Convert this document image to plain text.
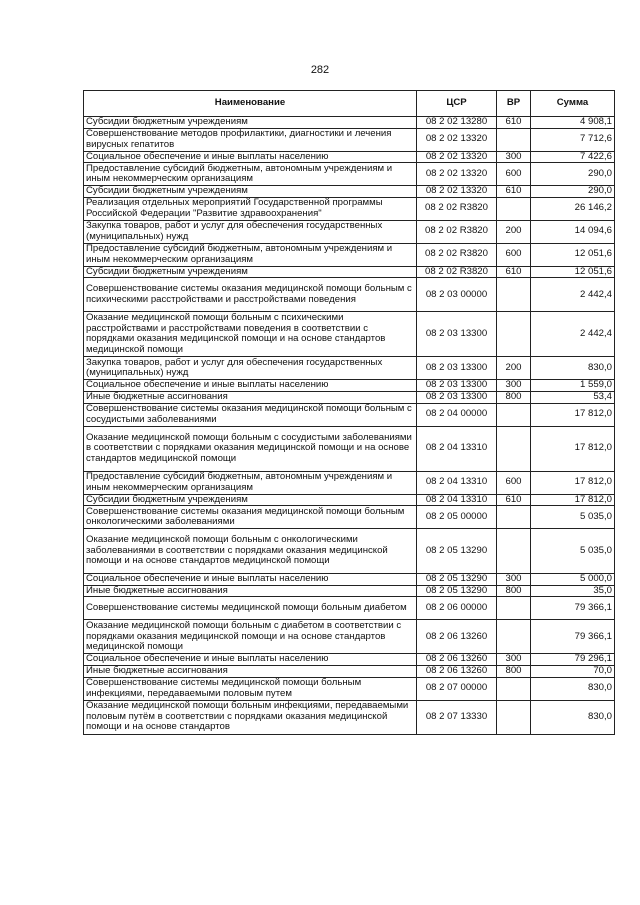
282
Наименование	ЦСР	ВР	Сумма
Субсидии бюджетным учреждениям	08 2 02 13280	610	4 908,1
Совершенствование методов профилактики, диагностики и лечения вирусных гепатитов	08 2 02 13320		7 712,6
Социальное обеспечение и иные выплаты населению	08 2 02 13320	300	7 422,6
Предоставление субсидий бюджетным, автономным учреждениям и иным некоммерческим организациям	08 2 02 13320	600	290,0
Субсидии бюджетным учреждениям	08 2 02 13320	610	290,0
Реализация отдельных мероприятий Государственной программы Российской Федерации "Развитие здравоохранения"	08 2 02 R3820		26 146,2
Закупка товаров, работ и услуг для обеспечения государственных (муниципальных) нужд	08 2 02 R3820	200	14 094,6
Предоставление субсидий бюджетным, автономным учреждениям и иным некоммерческим организациям	08 2 02 R3820	600	12 051,6
Субсидии бюджетным учреждениям	08 2 02 R3820	610	12 051,6
Совершенствование системы оказания медицинской помощи больным с психическими расстройствами и расстройствами поведения	08 2 03 00000		2 442,4
Оказание медицинской помощи больным с психическими расстройствами и расстройствами поведения в соответствии с порядками оказания медицинской помощи и на основе стандартов медицинской помощи	08 2 03 13300		2 442,4
Закупка товаров, работ и услуг для обеспечения государственных (муниципальных) нужд	08 2 03 13300	200	830,0
Социальное обеспечение и иные выплаты населению	08 2 03 13300	300	1 559,0
Иные бюджетные ассигнования	08 2 03 13300	800	53,4
Совершенствование системы оказания медицинской помощи больным с сосудистыми заболеваниями	08 2 04 00000		17 812,0
Оказание медицинской помощи больным с сосудистыми заболеваниями в соответствии с порядками оказания медицинской помощи и на основе стандартов медицинской помощи	08 2 04 13310		17 812,0
Предоставление субсидий бюджетным, автономным учреждениям и иным некоммерческим организациям	08 2 04 13310	600	17 812,0
Субсидии бюджетным учреждениям	08 2 04 13310	610	17 812,0
Совершенствование системы оказания медицинской помощи больным онкологическими заболеваниями	08 2 05 00000		5 035,0
Оказание медицинской помощи больным с онкологическими заболеваниями в соответствии с порядками оказания медицинской помощи и на основе стандартов медицинской помощи	08 2 05 13290		5 035,0
Социальное обеспечение и иные выплаты населению	08 2 05 13290	300	5 000,0
Иные бюджетные ассигнования	08 2 05 13290	800	35,0
Совершенствование системы медицинской помощи больным диабетом	08 2 06 00000		79 366,1
Оказание медицинской помощи больным с диабетом в соответствии с порядками оказания медицинской помощи и на основе стандартов медицинской помощи	08 2 06 13260		79 366,1
Социальное обеспечение и иные выплаты населению	08 2 06 13260	300	79 296,1
Иные бюджетные ассигнования	08 2 06 13260	800	70,0
Совершенствование системы медицинской помощи больным инфекциями, передаваемыми половым путем	08 2 07 00000		830,0
Оказание медицинской помощи больным инфекциями, передаваемыми половым путём в соответствии с порядками оказания медицинской помощи и на основе стандартов	08 2 07 13330		830,0
